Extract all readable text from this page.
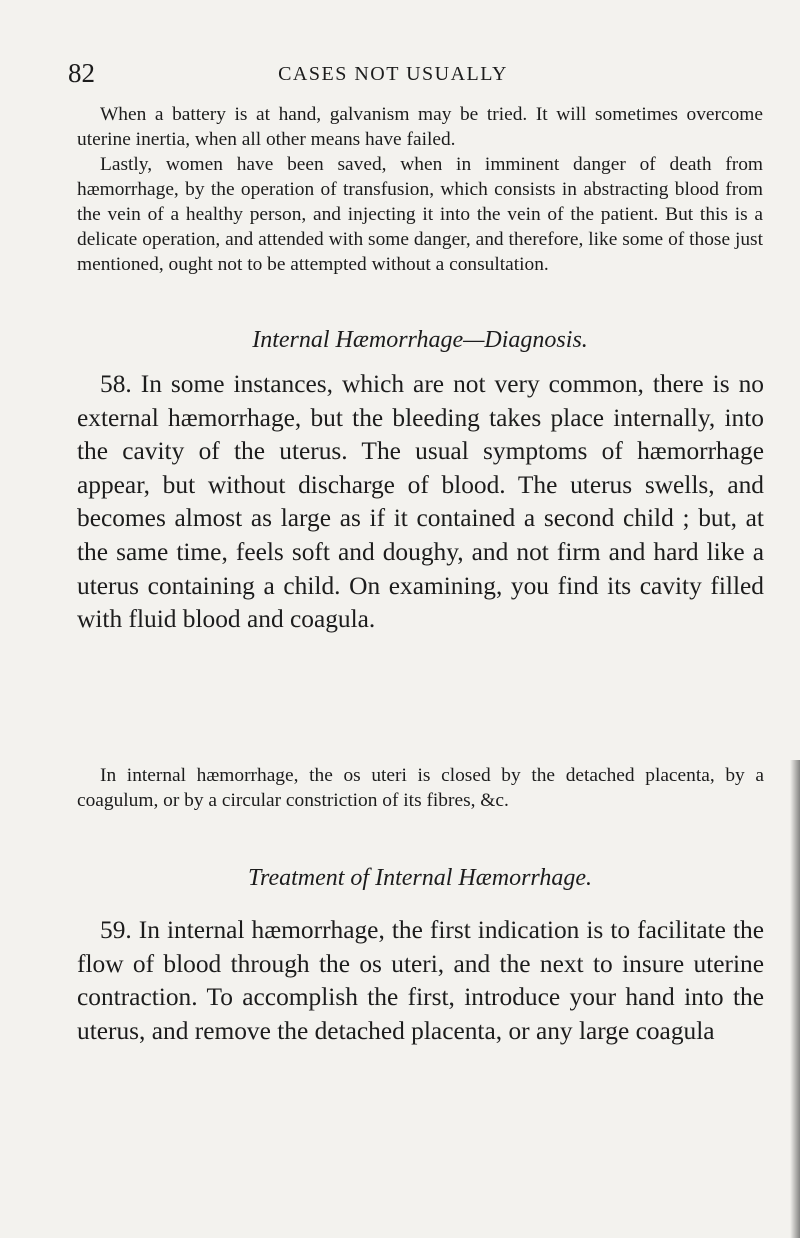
82	CASES NOT USUALLY

When a battery is at hand, galvanism may be tried. It will sometimes overcome uterine inertia, when all other means have failed.

Lastly, women have been saved, when in imminent danger of death from hæmorrhage, by the operation of transfusion, which consists in abstracting blood from the vein of a healthy person, and injecting it into the vein of the patient. But this is a delicate operation, and attended with some danger, and therefore, like some of those just mentioned, ought not to be attempted without a consultation.

Internal Hæmorrhage—Diagnosis.

58. In some instances, which are not very common, there is no external hæmorrhage, but the bleeding takes place internally, into the cavity of the uterus. The usual symptoms of hæmorrhage appear, but without discharge of blood. The uterus swells, and becomes almost as large as if it contained a second child ; but, at the same time, feels soft and doughy, and not firm and hard like a uterus containing a child. On examining, you find its cavity filled with fluid blood and coagula.

In internal hæmorrhage, the os uteri is closed by the detached placenta, by a coagulum, or by a circular constriction of its fibres, &c.

Treatment of Internal Hæmorrhage.

59. In internal hæmorrhage, the first indication is to facilitate the flow of blood through the os uteri, and the next to insure uterine contraction. To accomplish the first, introduce your hand into the uterus, and remove the detached placenta, or any large coagula
